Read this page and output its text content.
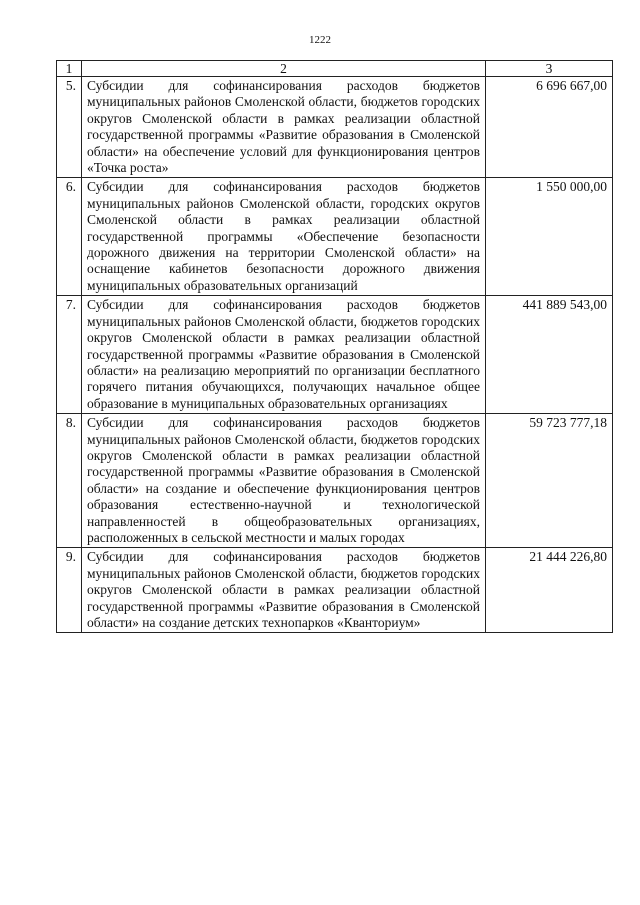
1222
1	2	3
5.	Субсидии для софинансирования расходов бюджетов муниципальных районов Смоленской области, бюджетов городских округов Смоленской области в рамках реализации областной государственной программы «Развитие образования в Смоленской области» на обеспечение условий для функционирования центров «Точка роста»	6 696 667,00
6.	Субсидии для софинансирования расходов бюджетов муниципальных районов Смоленской области, городских округов Смоленской области в рамках реализации областной государственной программы «Обеспечение безопасности дорожного движения на территории Смоленской области» на оснащение кабинетов безопасности дорожного движения муниципальных образовательных организаций	1 550 000,00
7.	Субсидии для софинансирования расходов бюджетов муниципальных районов Смоленской области, бюджетов городских округов Смоленской области в рамках реализации областной государственной программы «Развитие образования в Смоленской области» на реализацию мероприятий по организации бесплатного горячего питания обучающихся, получающих начальное общее образование в муниципальных образовательных организациях	441 889 543,00
8.	Субсидии для софинансирования расходов бюджетов муниципальных районов Смоленской области, бюджетов городских округов Смоленской области в рамках реализации областной государственной программы «Развитие образования в Смоленской области» на создание и обеспечение функционирования центров образования естественно-научной и технологической направленностей в общеобразовательных организациях, расположенных в сельской местности и малых городах	59 723 777,18
9.	Субсидии для софинансирования расходов бюджетов муниципальных районов Смоленской области, бюджетов городских округов Смоленской области в рамках реализации областной государственной программы «Развитие образования в Смоленской области» на создание детских технопарков «Кванториум»	21 444 226,80
